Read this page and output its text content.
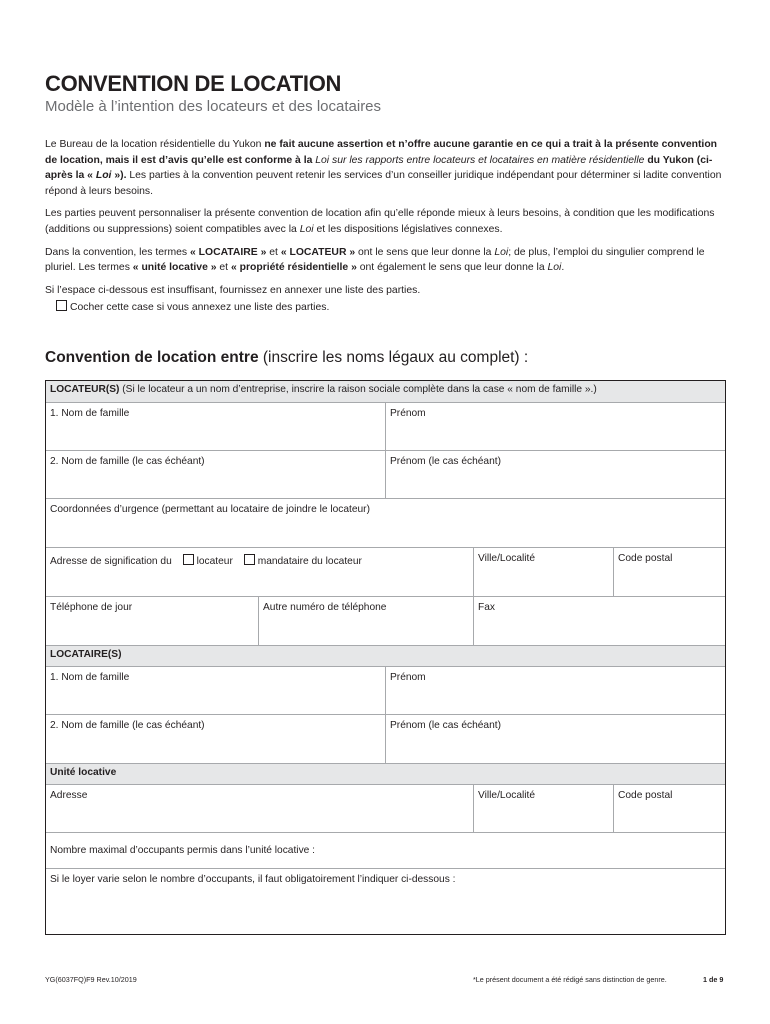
CONVENTION DE LOCATION
Modèle à l’intention des locateurs et des locataires

Le Bureau de la location résidentielle du Yukon ne fait aucune assertion et n’offre aucune garantie en ce qui a trait à la présente convention de location, mais il est d’avis qu’elle est conforme à la Loi sur les rapports entre locateurs et locataires en matière résidentielle du Yukon (ci-après la « Loi »). Les parties à la convention peuvent retenir les services d’un conseiller juridique indépendant pour déterminer si ladite convention répond à leurs besoins.

Les parties peuvent personnaliser la présente convention de location afin qu’elle réponde mieux à leurs besoins, à condition que les modifications (additions ou suppressions) soient compatibles avec la Loi et les dispositions législatives connexes.

Dans la convention, les termes « LOCATAIRE » et « LOCATEUR » ont le sens que leur donne la Loi; de plus, l’emploi du singulier comprend le pluriel. Les termes « unité locative » et « propriété résidentielle » ont également le sens que leur donne la Loi.

Si l’espace ci-dessous est insuffisant, fournissez en annexer une liste des parties.

Cocher cette case si vous annexez une liste des parties.
Convention de location entre (inscrire les noms légaux au complet) :
LOCATEUR(S) (Si le locateur a un nom d’entreprise, inscrire la raison sociale complète dans la case « nom de famille ».)
1. Nom de famille	Prénom
2. Nom de famille (le cas échéant)	Prénom (le cas échéant)
Coordonnées d’urgence (permettant au locataire de joindre le locateur)
Adresse de signification du locateur mandataire du locateur	Ville/Localité	Code postal
Téléphone de jour	Autre numéro de téléphone	Fax
LOCATAIRE(S)
1. Nom de famille	Prénom
2. Nom de famille (le cas échéant)	Prénom (le cas échéant)
Unité locative
Adresse	Ville/Localité	Code postal
Nombre maximal d’occupants permis dans l’unité locative :
Si le loyer varie selon le nombre d’occupants, il faut obligatoirement l’indiquer ci-dessous :
YG(6037FQ)F9 Rev.10/2019	*Le présent document a été rédigé sans distinction de genre.	1 de 9
